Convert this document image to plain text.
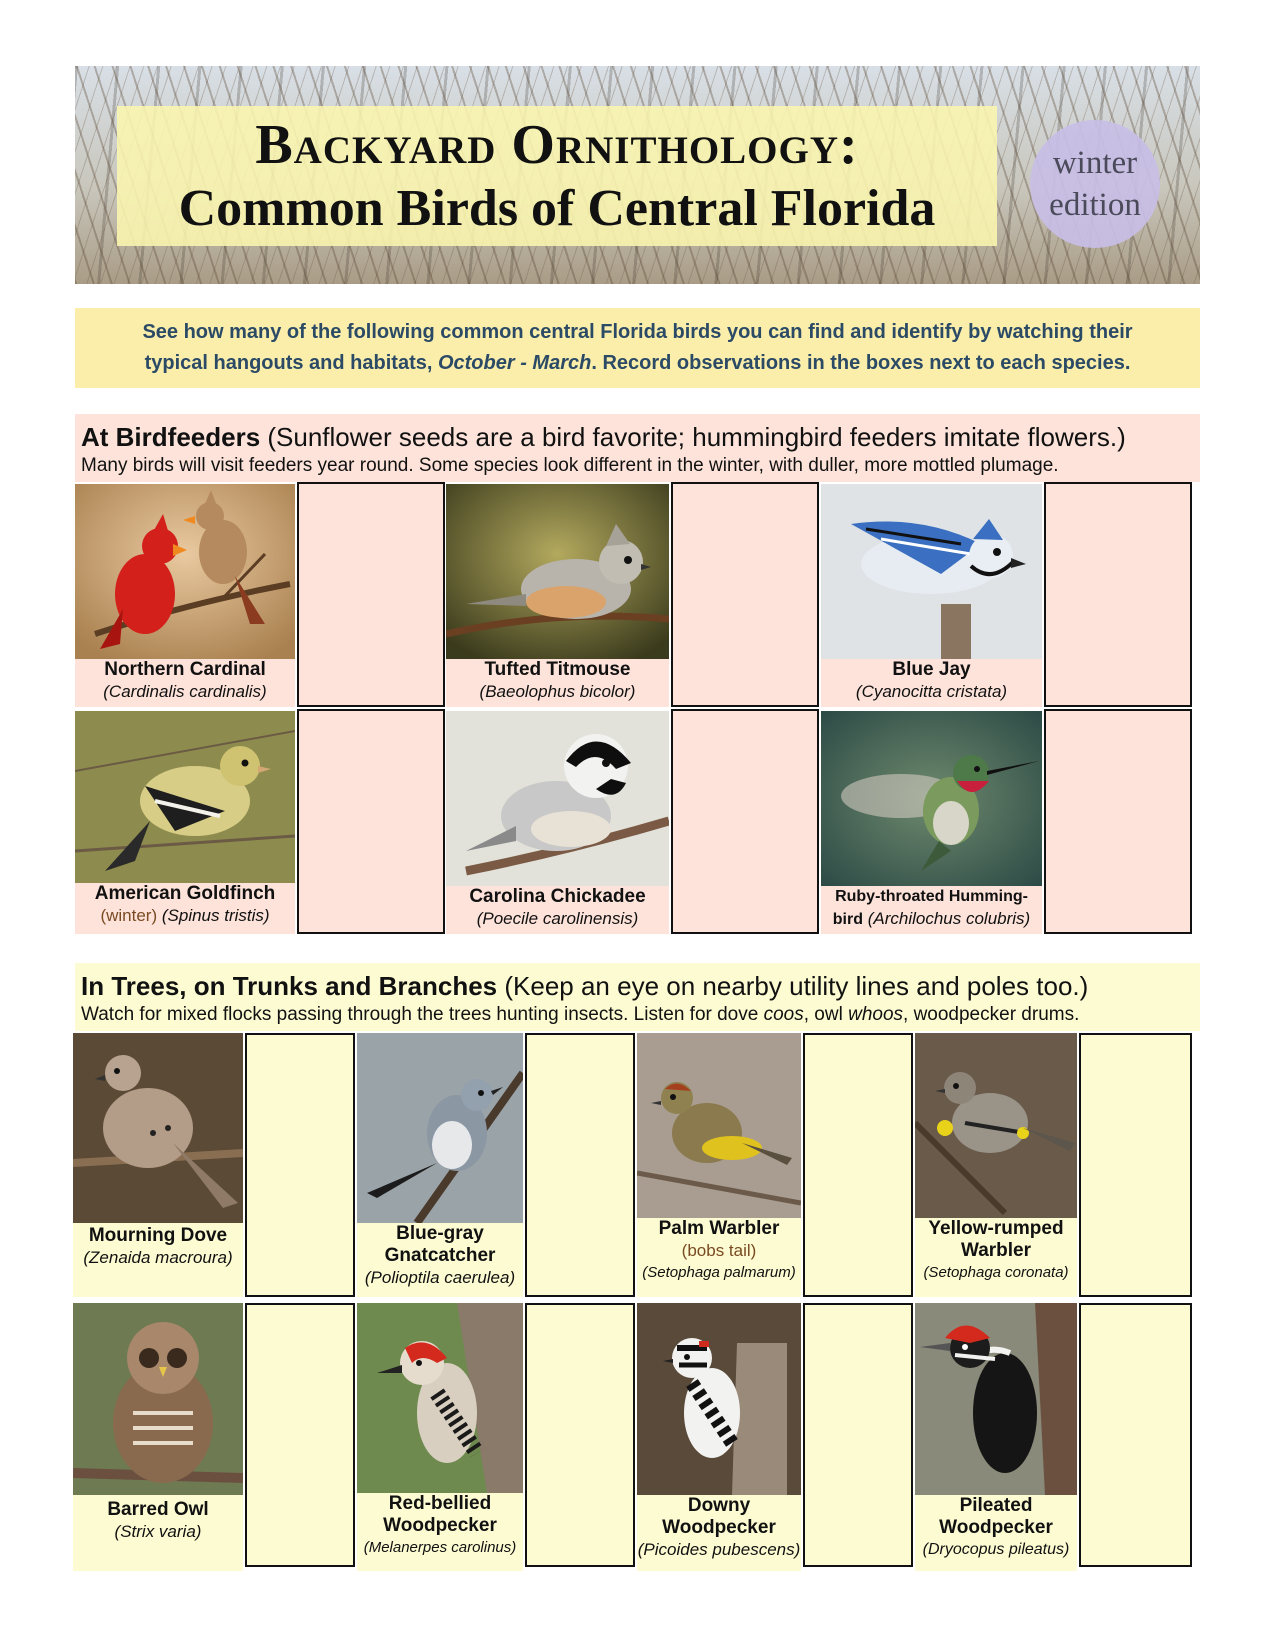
Backyard Ornithology:
Common Birds of Central Florida
winter
edition
See how many of the following common central Florida birds you can find and identify by watching their
typical hangouts and habitats, October - March. Record observations in the boxes next to each species.
At Birdfeeders (Sunflower seeds are a bird favorite; hummingbird feeders imitate flowers.)
Many birds will visit feeders year round. Some species look different in the winter, with duller, more mottled plumage.
Northern Cardinal
(Cardinalis cardinalis)
Tufted Titmouse
(Baeolophus bicolor)
Blue Jay
(Cyanocitta cristata)
American Goldfinch
(winter) (Spinus tristis)
Carolina Chickadee
(Poecile carolinensis)
Ruby-throated Humming-
bird (Archilochus colubris)
In Trees, on Trunks and Branches (Keep an eye on nearby utility lines and poles too.)
Watch for mixed flocks passing through the trees hunting insects. Listen for dove coos, owl whoos, woodpecker drums.
Mourning Dove
(Zenaida macroura)
Blue-gray
Gnatcatcher
(Polioptila caerulea)
Palm Warbler
(bobs tail)
(Setophaga palmarum)
Yellow-rumped
Warbler
(Setophaga coronata)
Barred Owl
(Strix varia)
Red-bellied
Woodpecker
(Melanerpes carolinus)
Downy
Woodpecker
(Picoides pubescens)
Pileated
Woodpecker
(Dryocopus pileatus)
